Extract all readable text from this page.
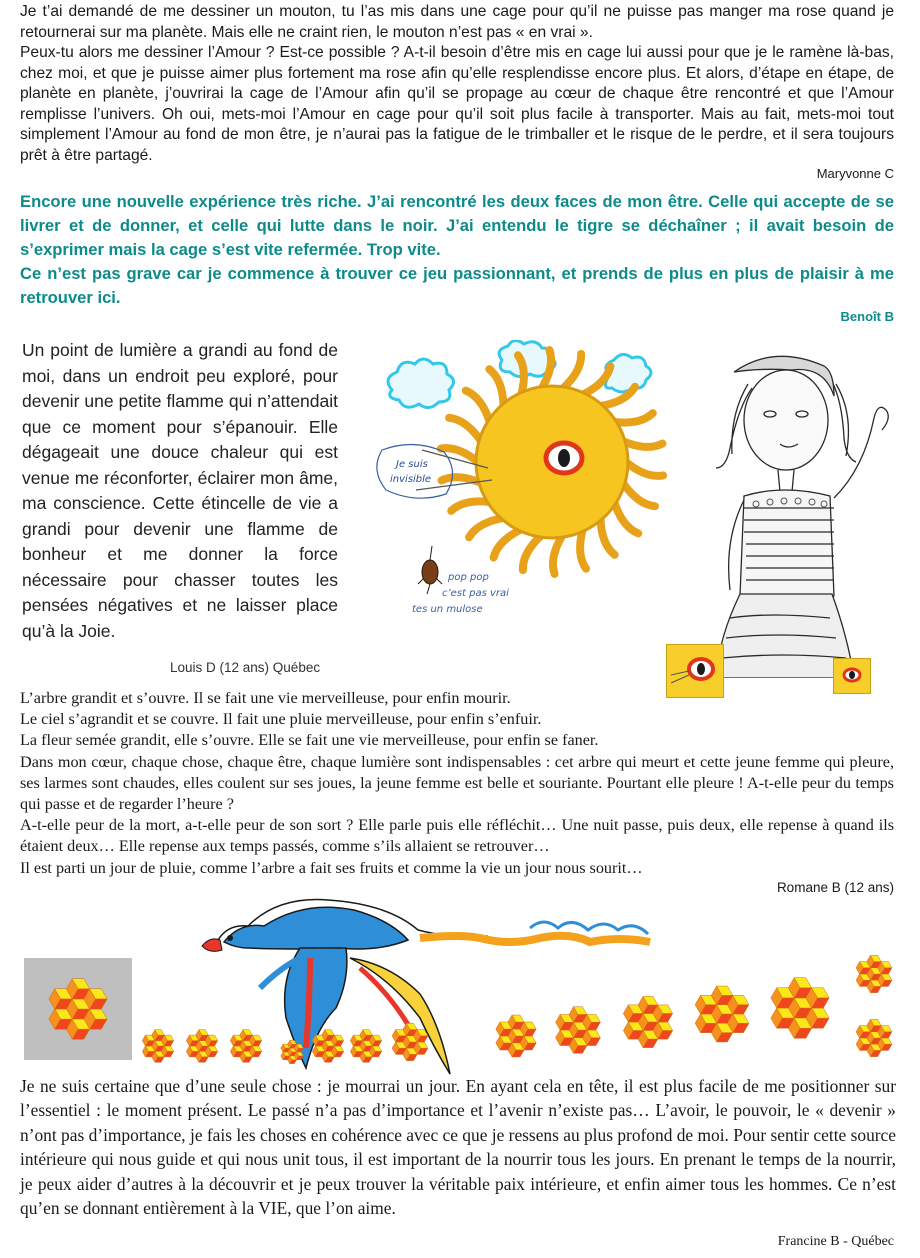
Je t’ai demandé de me dessiner un mouton, tu l’as mis dans une cage pour qu’il ne puisse pas manger ma rose quand je retournerai sur ma planète. Mais elle ne craint rien, le mouton n’est pas « en vrai ».

Peux-tu alors me dessiner l’Amour ? Est-ce possible ? A-t-il besoin d’être mis en cage lui aussi pour que je le ramène là-bas, chez moi, et que je puisse aimer plus fortement ma rose afin qu’elle resplendisse encore plus. Et alors, d’étape en étape, de planète en planète, j’ouvrirai la cage de l’Amour afin qu’il se propage au cœur de chaque être rencontré et que l’Amour remplisse l’univers. Oh oui, mets-moi l’Amour en cage pour qu’il soit plus facile à transporter. Mais au fait, mets-moi tout simplement l’Amour au fond de mon être, je n’aurai pas la fatigue de le trimballer et le risque de le perdre, et il sera toujours prêt à être partagé.

Maryvonne C

Encore une nouvelle expérience très riche. J’ai rencontré les deux faces de mon être. Celle qui accepte de se livrer et de donner, et celle qui lutte dans le noir. J’ai entendu le tigre se déchaîner ; il avait besoin de s’exprimer mais la cage s’est vite refermée. Trop vite.

Ce n’est pas grave car je commence à trouver ce jeu passionnant, et prends de plus en plus de plaisir à me retrouver ici.

Benoît B
Un point de lumière a grandi au fond de moi, dans un endroit peu exploré, pour devenir une petite flamme qui n’attendait que ce moment pour s’épanouir. Elle dégageait une douce chaleur qui est venue me réconforter, éclairer mon âme, ma conscience. Cette étincelle de vie a grandi pour devenir une flamme de bonheur et me donner la force nécessaire pour chasser toutes les pensées négatives et ne laisser place qu’à la Joie.
Louis D (12 ans) Québec
Je suis
invisible
pop pop
c’est pas vrai
tes un mulose

L’arbre grandit et s’ouvre. Il se fait une vie merveilleuse, pour enfin mourir.

Le ciel s’agrandit et se couvre. Il fait une pluie merveilleuse, pour enfin s’enfuir.

La fleur semée grandit, elle s’ouvre. Elle se fait une vie merveilleuse, pour enfin se faner.

Dans mon cœur, chaque chose, chaque être, chaque lumière sont indispensables : cet arbre qui meurt et cette jeune femme qui pleure, ses larmes sont chaudes, elles coulent sur ses joues, la jeune femme est belle et souriante. Pourtant elle pleure ! A-t-elle peur du temps qui passe et de regarder l’heure ?

A-t-elle peur de la mort, a-t-elle peur de son sort ? Elle parle puis elle réfléchit… Une nuit passe, puis deux, elle repense à quand ils étaient deux… Elle repense aux temps passés, comme s’ils allaient se retrouver…

Il est parti un jour de pluie, comme l’arbre a fait ses fruits et comme la vie un jour nous sourit…

Romane B (12 ans)
Je ne suis certaine que d’une seule chose : je mourrai un jour. En ayant cela en tête, il est plus facile de me positionner sur l’essentiel : le moment présent. Le passé n’a pas d’importance et l’avenir n’existe pas… L’avoir, le pouvoir, le « devenir » n’ont pas d’importance, je fais les choses en cohérence avec ce que je ressens au plus profond de moi. Pour sentir cette source intérieure qui nous guide et qui nous unit tous, il est important de la nourrir tous les jours. En prenant le temps de la nourrir, je peux aider d’autres à la découvrir et je peux trouver la véritable paix intérieure, et enfin aimer tous les hommes. Ce n’est qu’en se donnant entièrement à la VIE, que l’on aime.
Francine B - Québec
